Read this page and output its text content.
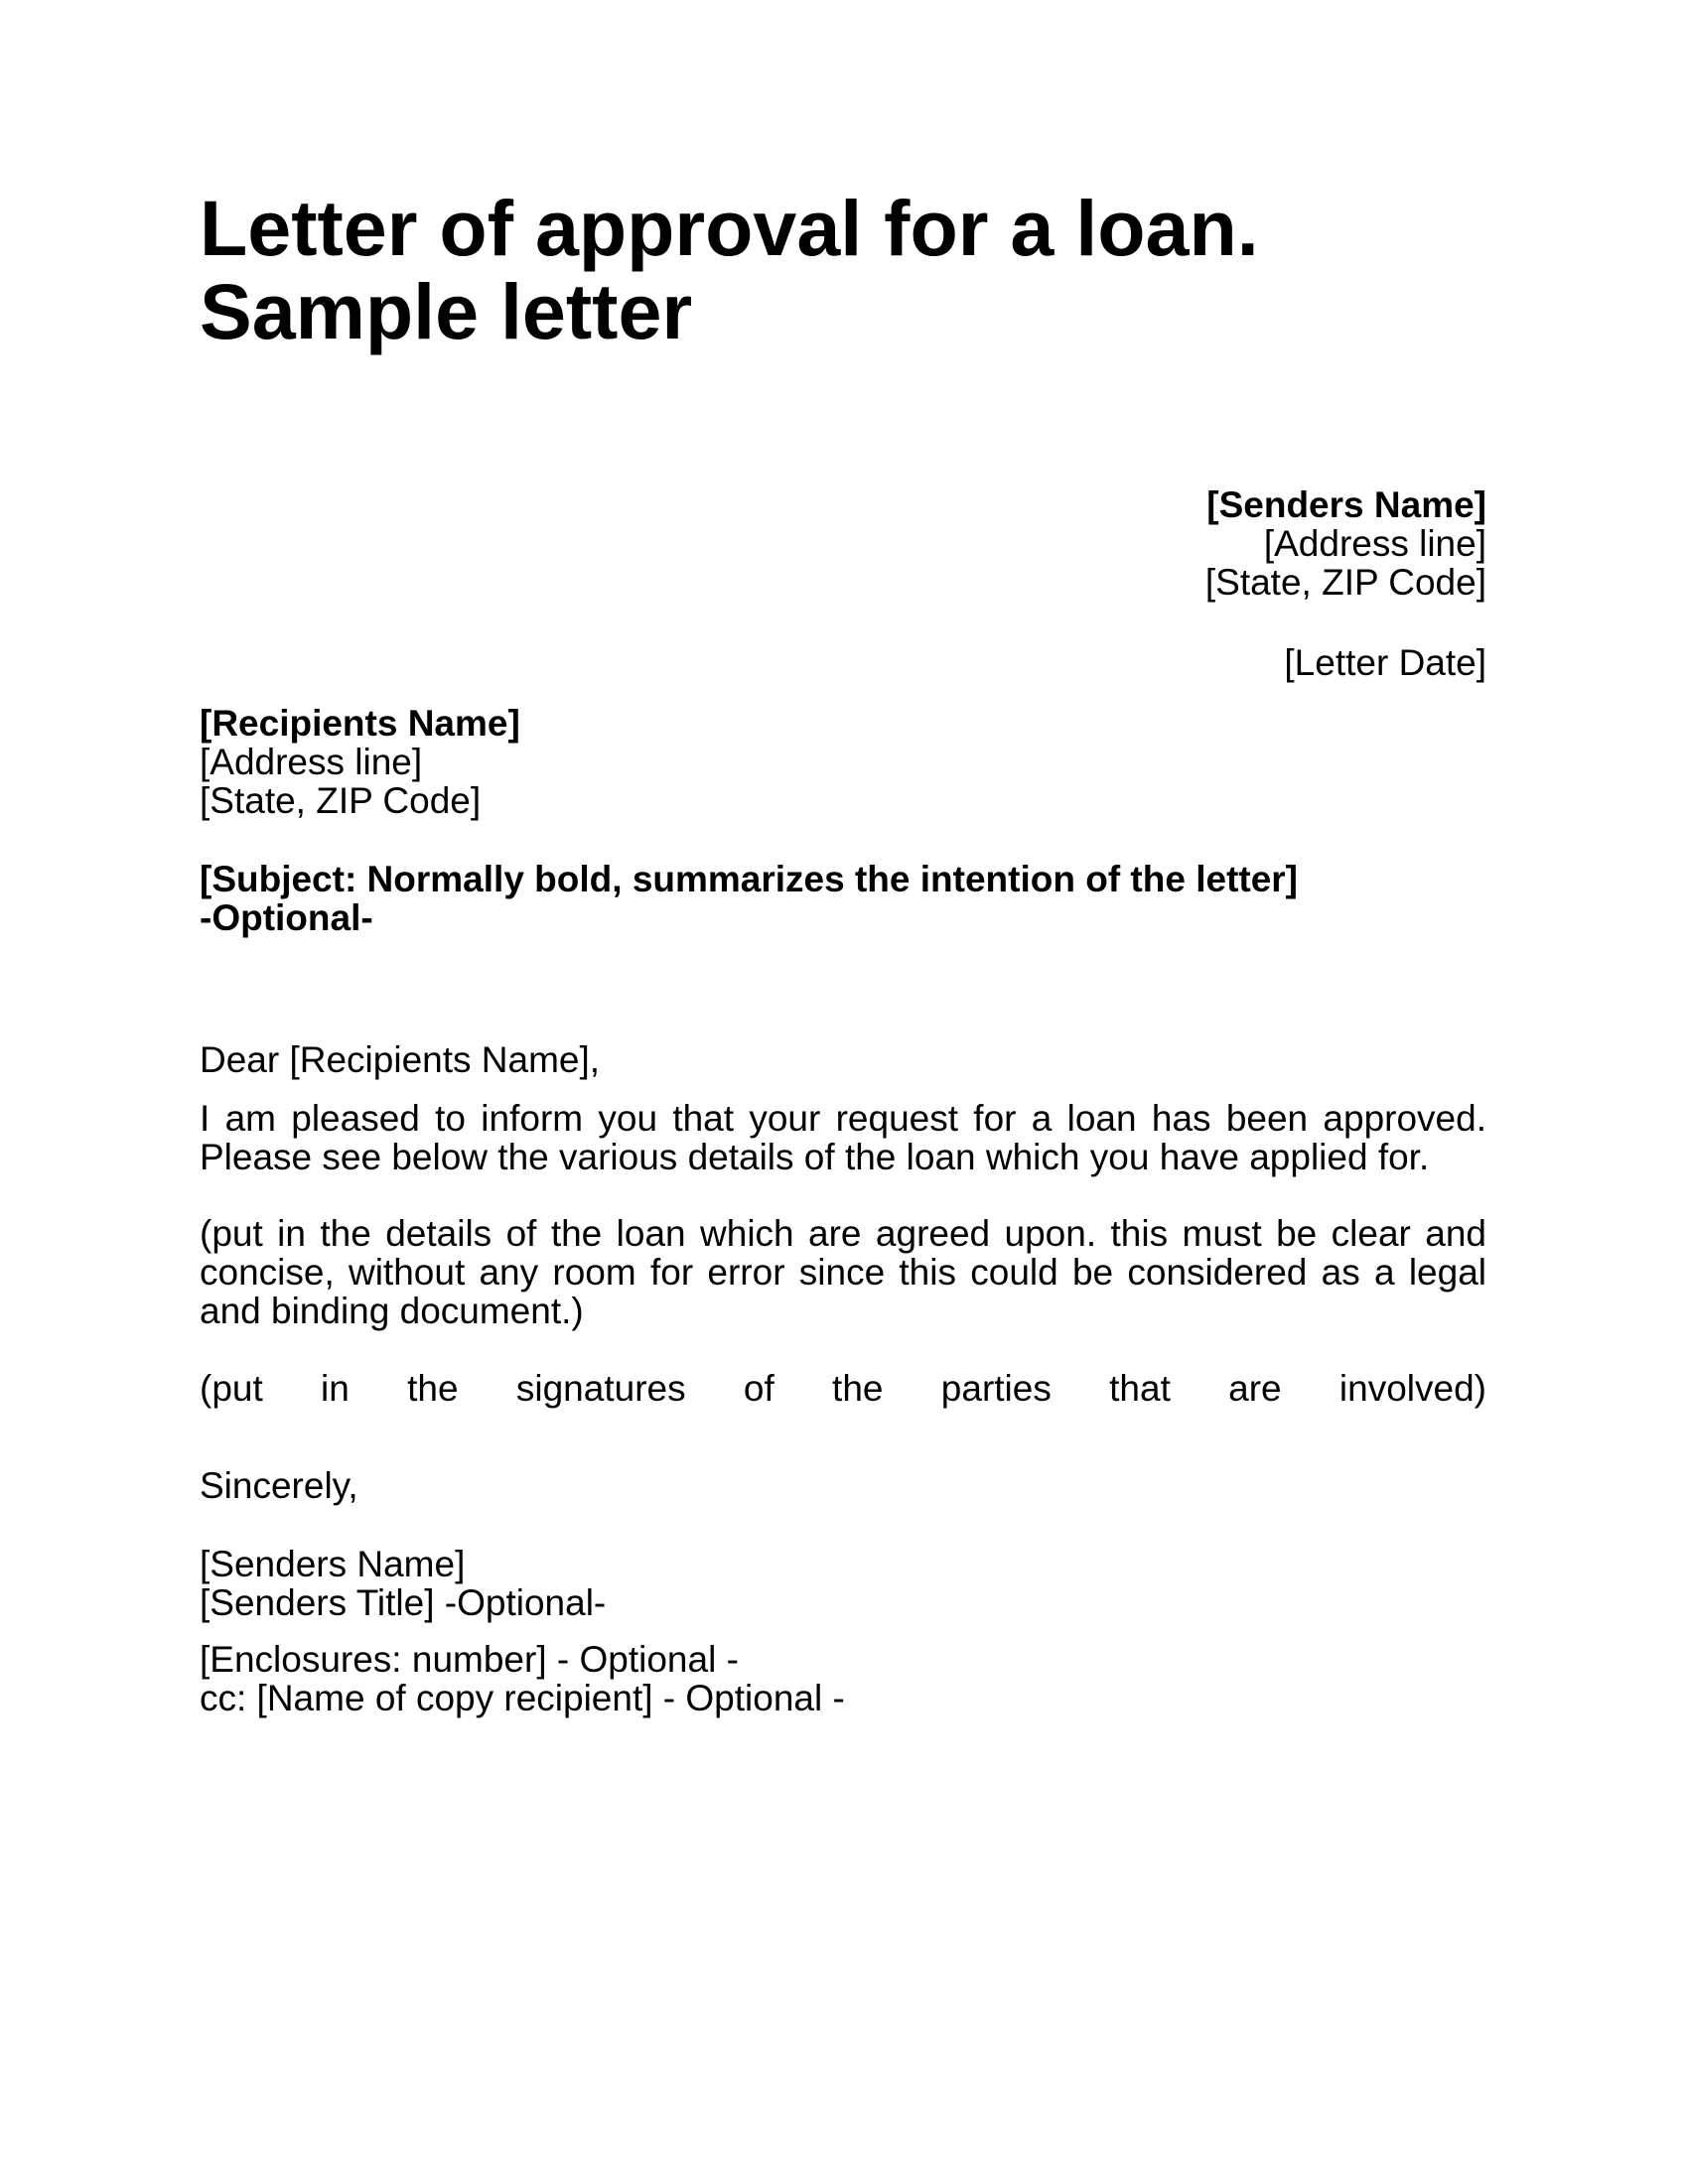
Letter of approval for a loan.
Sample letter
[Senders Name]
[Address line]
[State, ZIP Code]
[Letter Date]
[Recipients Name]
[Address line]
[State, ZIP Code]
[Subject: Normally bold, summarizes the intention of the letter]
-Optional-
Dear [Recipients Name],
I am pleased to inform you that your request for a loan has been approved. Please see below the various details of the loan which you have applied for.
(put in the details of the loan which are agreed upon. this must be clear and concise, without any room for error since this could be considered as a legal and binding document.)
(put in the signatures of the parties that are involved)
Sincerely,
[Senders Name]
[Senders Title] -Optional-
[Enclosures: number] - Optional -
cc: [Name of copy recipient] - Optional -
